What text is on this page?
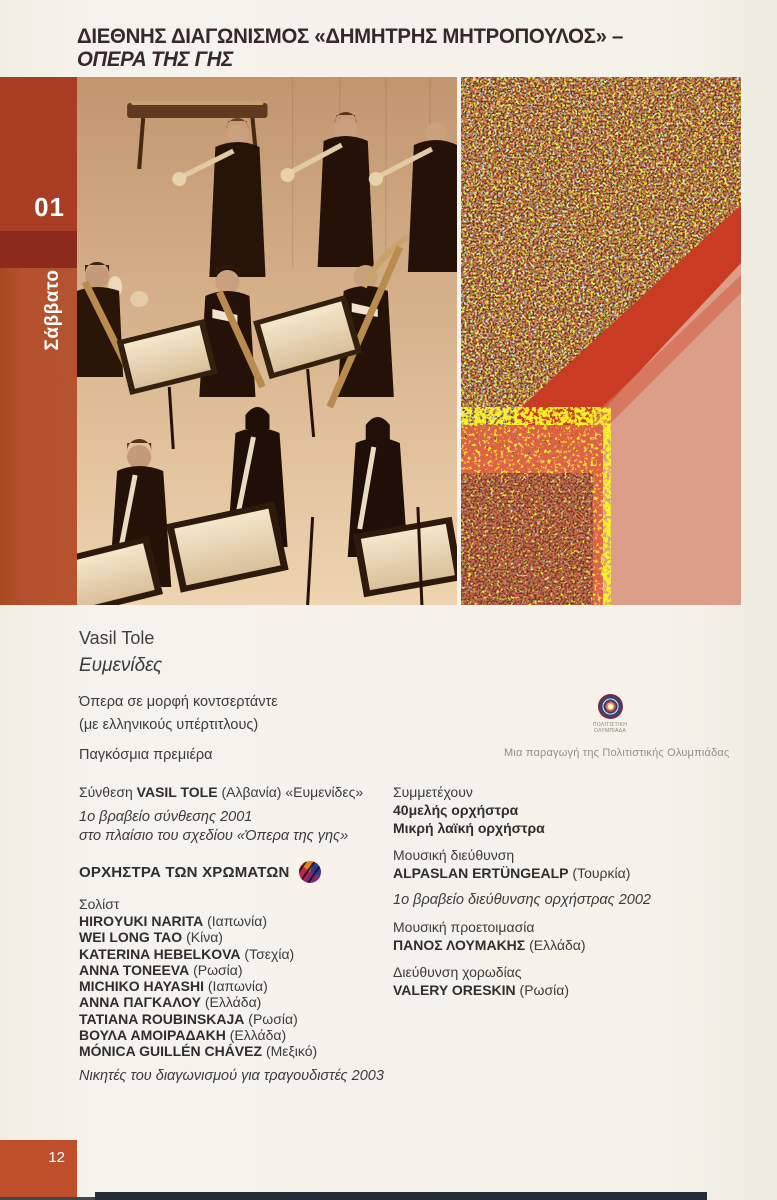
ΔΙΕΘΝΗΣ ΔΙΑΓΩΝΙΣΜΟΣ «ΔΗΜΗΤΡΗΣ ΜΗΤΡΟΠΟΥΛΟΣ» –
ΟΠΕΡΑ ΤΗΣ ΓΗΣ
01
Σάββατο
Vasil Tole
Ευμενίδες
Όπερα σε μορφή κοντσερτάντε
(με ελληνικούς υπέρτιτλους)
Παγκόσμια πρεμιέρα
ΠΟΛΙΤΙΣΤΙΚΗ
ΟΛΥΜΠΙΑΔΑ
Μια παραγωγή της Πολιτιστικής Ολυμπιάδας
Σύνθεση VASIL TOLE (Αλβανία) «Ευμενίδες»
1ο βραβείο σύνθεσης 2001
στο πλαίσιο του σχεδίου «Όπερα της γης»
ΟΡΧΗΣΤΡΑ ΤΩΝ ΧΡΩΜΑΤΩΝ
Σολίστ
HIROYUKI NARITA (Ιαπωνία)
WEI LONG TAO (Κίνα)
KATERINA HEBELKOVA (Τσεχία)
ANNA TONEEVA (Ρωσία)
MICHIKO HAYASHI (Ιαπωνία)
ΑΝΝΑ ΠΑΓΚΑΛΟΥ (Ελλάδα)
TATIANA ROUBINSKAJA (Ρωσία)
ΒΟΥΛΑ ΑΜΟΙΡΑΔΑΚΗ (Ελλάδα)
MÓNICA GUILLÉN CHÁVEZ (Μεξικό)
Νικητές του διαγωνισμού για τραγουδιστές 2003
Συμμετέχουν
40μελής ορχήστρα
Μικρή λαϊκή ορχήστρα
Μουσική διεύθυνση
ALPASLAN ERTÜNGEALP (Τουρκία)
1ο βραβείο διεύθυνσης ορχήστρας 2002
Μουσική προετοιμασία
ΠΑΝΟΣ ΛΟΥΜΑΚΗΣ (Ελλάδα)
Διεύθυνση χορωδίας
VALERY ORESKIN (Ρωσία)
12
